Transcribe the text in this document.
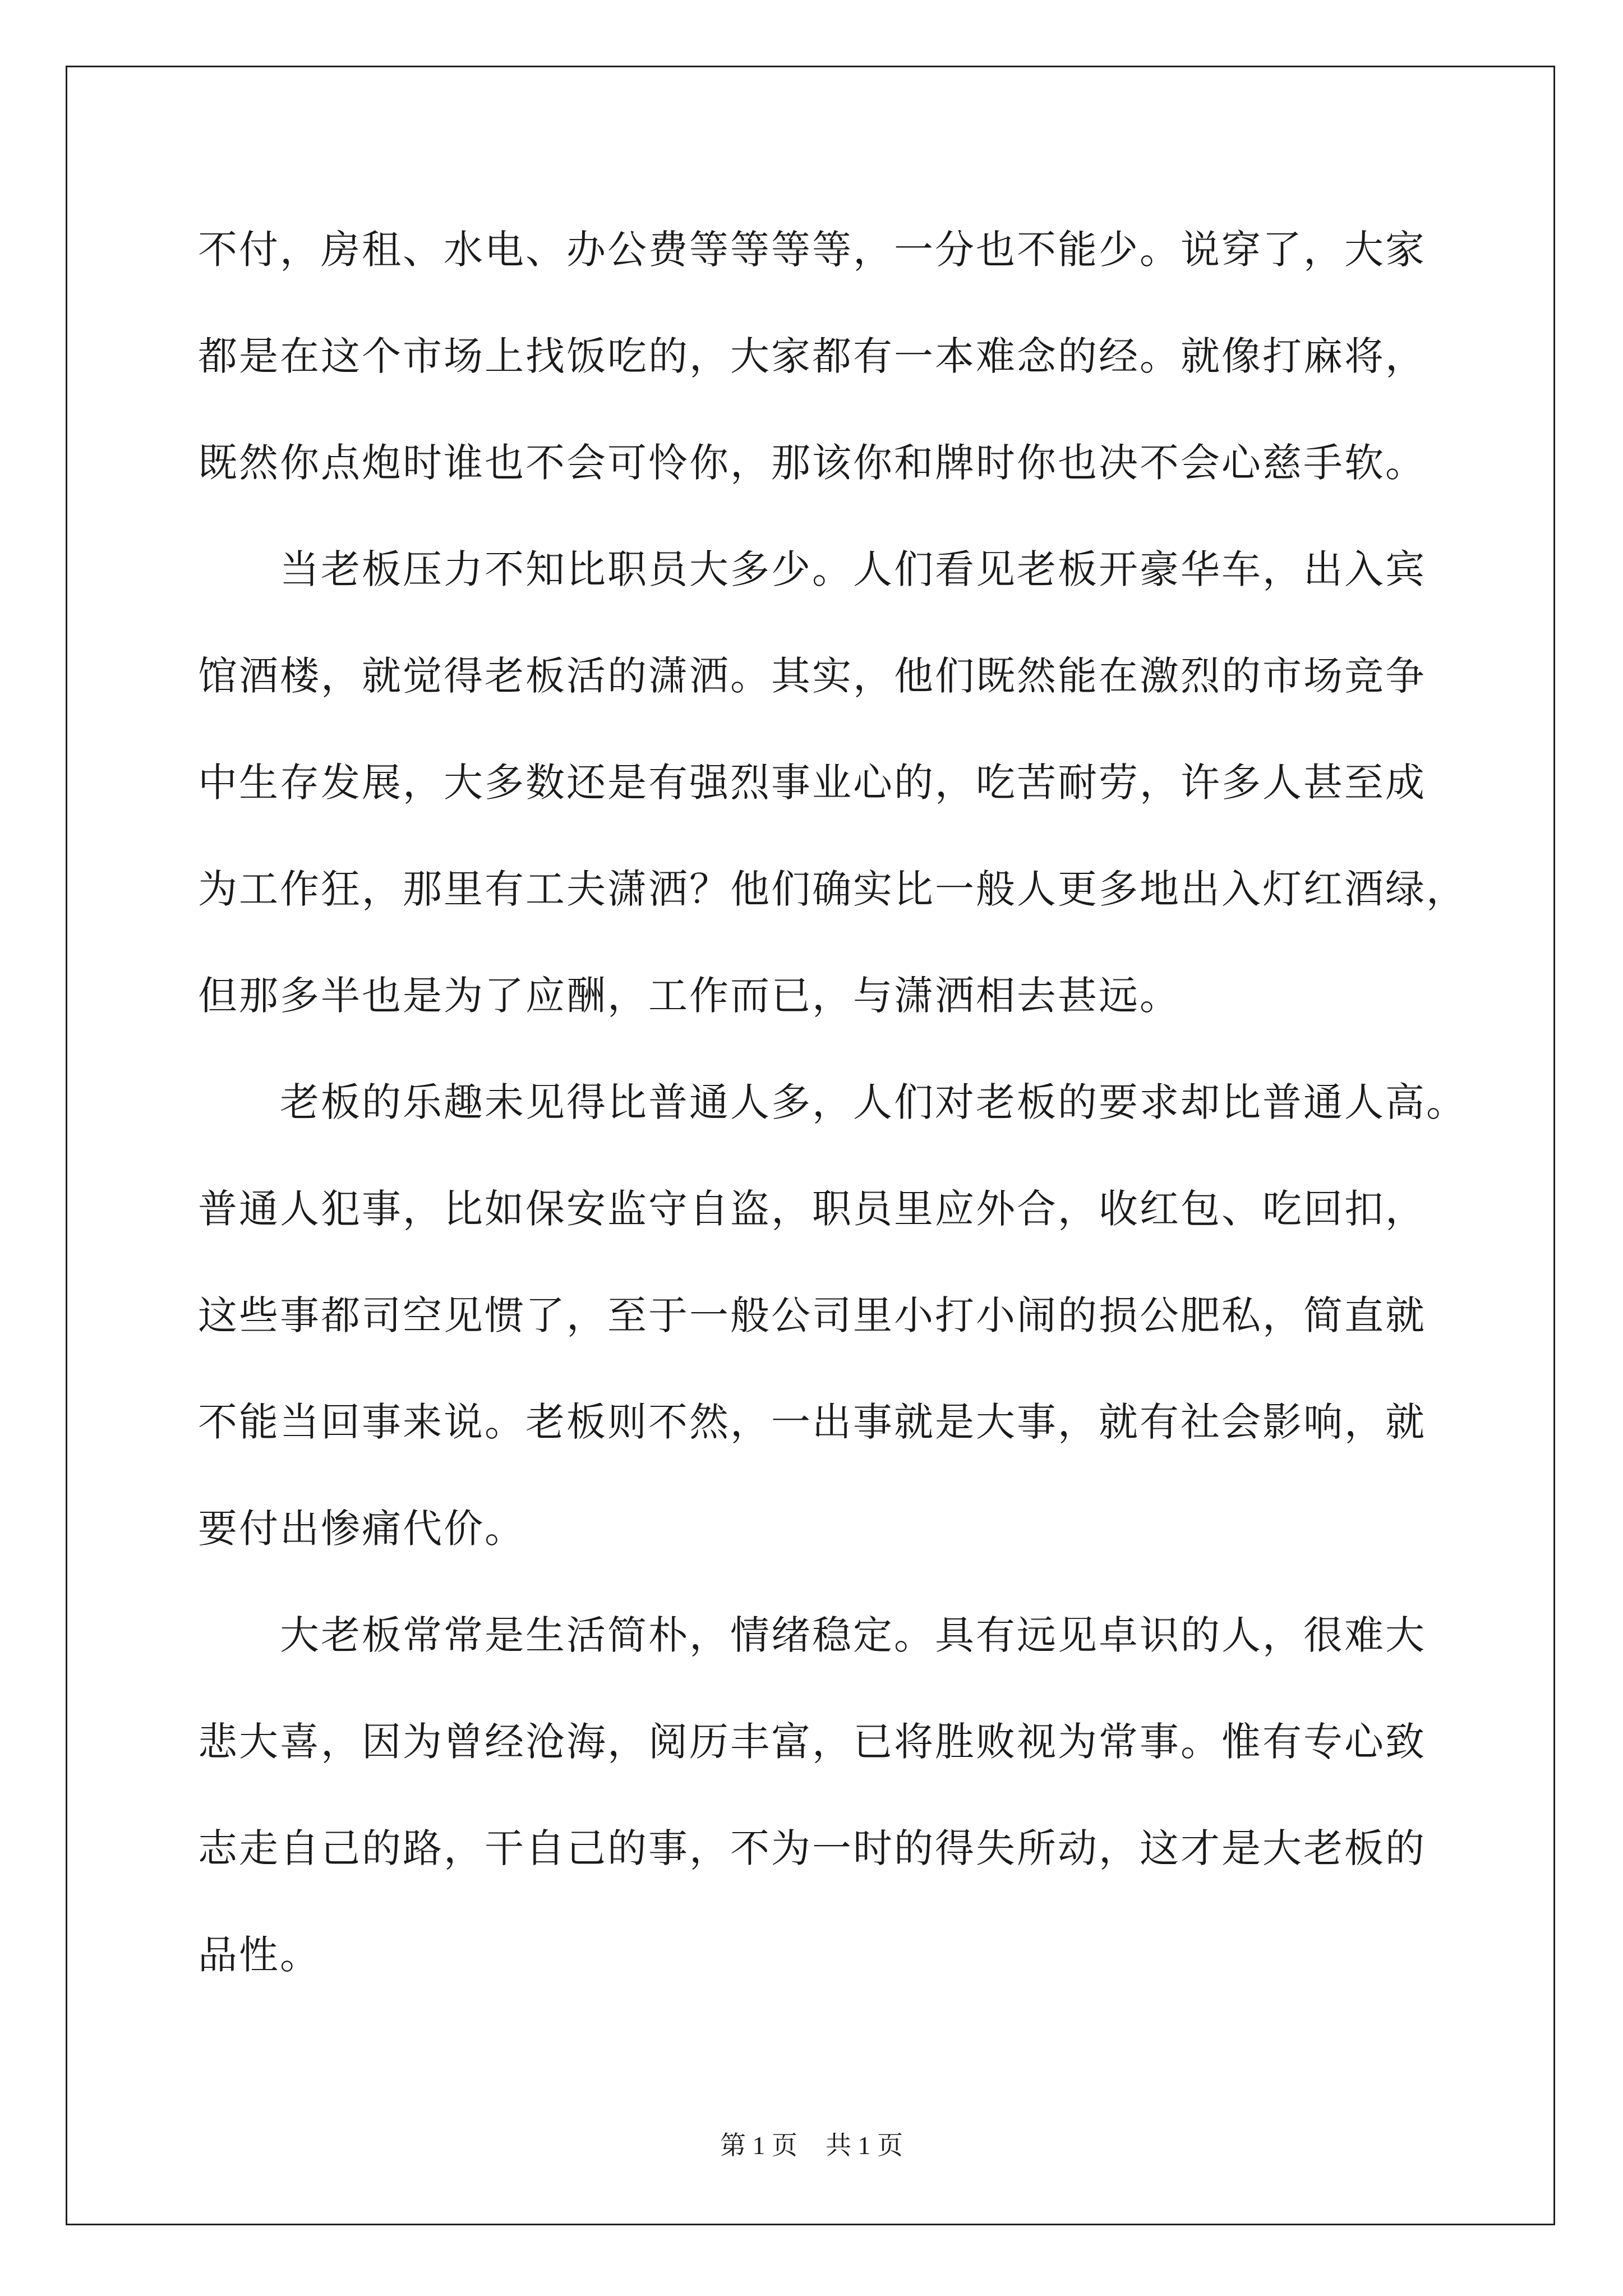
不付，房租、水电、办公费等等等等，一分也不能少。说穿了，大家
都是在这个市场上找饭吃的，大家都有一本难念的经。就像打麻将，
既然你点炮时谁也不会可怜你，那该你和牌时你也决不会心慈手软。
当老板压力不知比职员大多少。人们看见老板开豪华车，出入宾
馆酒楼，就觉得老板活的潇洒。其实，他们既然能在激烈的市场竞争
中生存发展，大多数还是有强烈事业心的，吃苦耐劳，许多人甚至成
为工作狂，那里有工夫潇洒？他们确实比一般人更多地出入灯红酒绿，
但那多半也是为了应酬，工作而已，与潇洒相去甚远。
老板的乐趣未见得比普通人多，人们对老板的要求却比普通人高。
普通人犯事，比如保安监守自盗，职员里应外合，收红包、吃回扣，
这些事都司空见惯了，至于一般公司里小打小闹的损公肥私，简直就
不能当回事来说。老板则不然，一出事就是大事，就有社会影响，就
要付出惨痛代价。
大老板常常是生活简朴，情绪稳定。具有远见卓识的人，很难大
悲大喜，因为曾经沧海，阅历丰富，已将胜败视为常事。惟有专心致
志走自己的路，干自己的事，不为一时的得失所动，这才是大老板的
品性。
第 1 页 共 1 页
